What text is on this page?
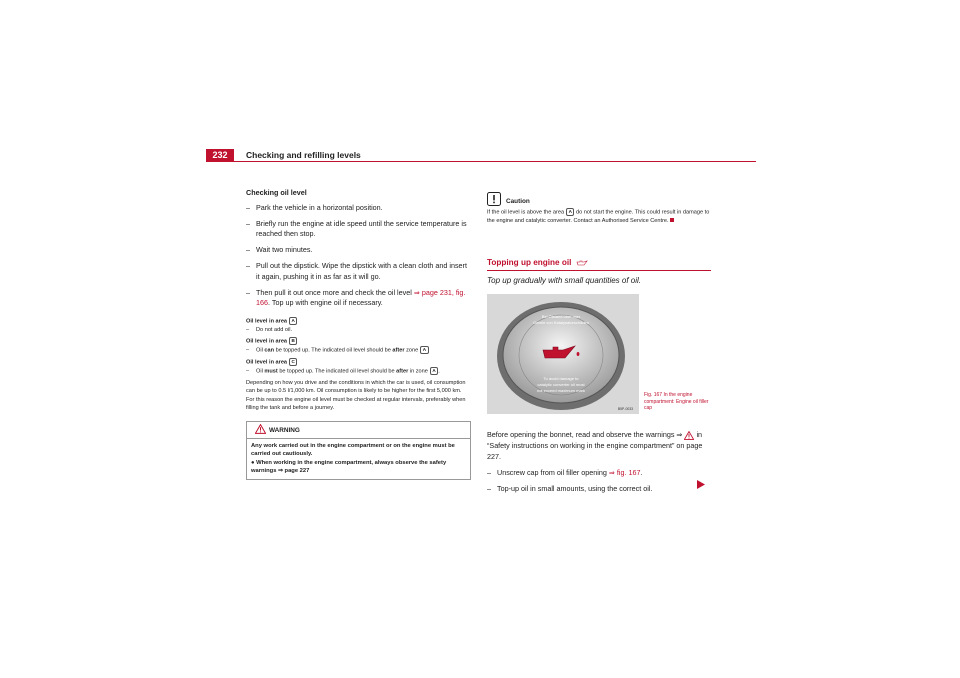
232	Checking and refilling levels
Checking oil level
– Park the vehicle in a horizontal position.
– Briefly run the engine at idle speed until the service temperature is reached then stop.
– Wait two minutes.
– Pull out the dipstick. Wipe the dipstick with a clean cloth and insert it again, pushing it in as far as it will go.
– Then pull it out once more and check the oil level ⇒ page 231, fig. 166. Top up with engine oil if necessary.
Oil level in area A
–	Do not add oil.
Oil level in area B
–	Oil can be topped up. The indicated oil level should be after zone A
Oil level in area C
–	Oil must be topped up. The indicated oil level should be after in zone A .
Depending on how you drive and the conditions in which the car is used, oil consumption can be up to 0.5 l/1,000 km. Oil consumption is likely to be higher for the first 5,000 km. For this reason the engine oil level must be checked at regular intervals, preferably when filling the tank and before a journey.
WARNING
Any work carried out in the engine compartment or on the engine must be carried out cautiously.
● When working in the engine compartment, always observe the safety warnings ⇒ page 227
Caution
If the oil level is above the area A do not start the engine. This could result in damage to the engine and catalytic converter. Contact an Authorised Service Centre.
Topping up engine oil
Top up gradually with small quantities of oil.
Bei Ölstand über max
Gefahr von Katalysatorschäden
To avoid damage to
catalytic converter oil must
not exceed maximum mark
B5P-0033
Fig. 167 In the engine compartment: Engine oil filler cap
Before opening the bonnet, read and observe the warnings ⇒ in “Safety instructions on working in the engine compartment” on page 227.
– Unscrew cap from oil filler opening ⇒ fig. 167.
– Top-up oil in small amounts, using the correct oil.
